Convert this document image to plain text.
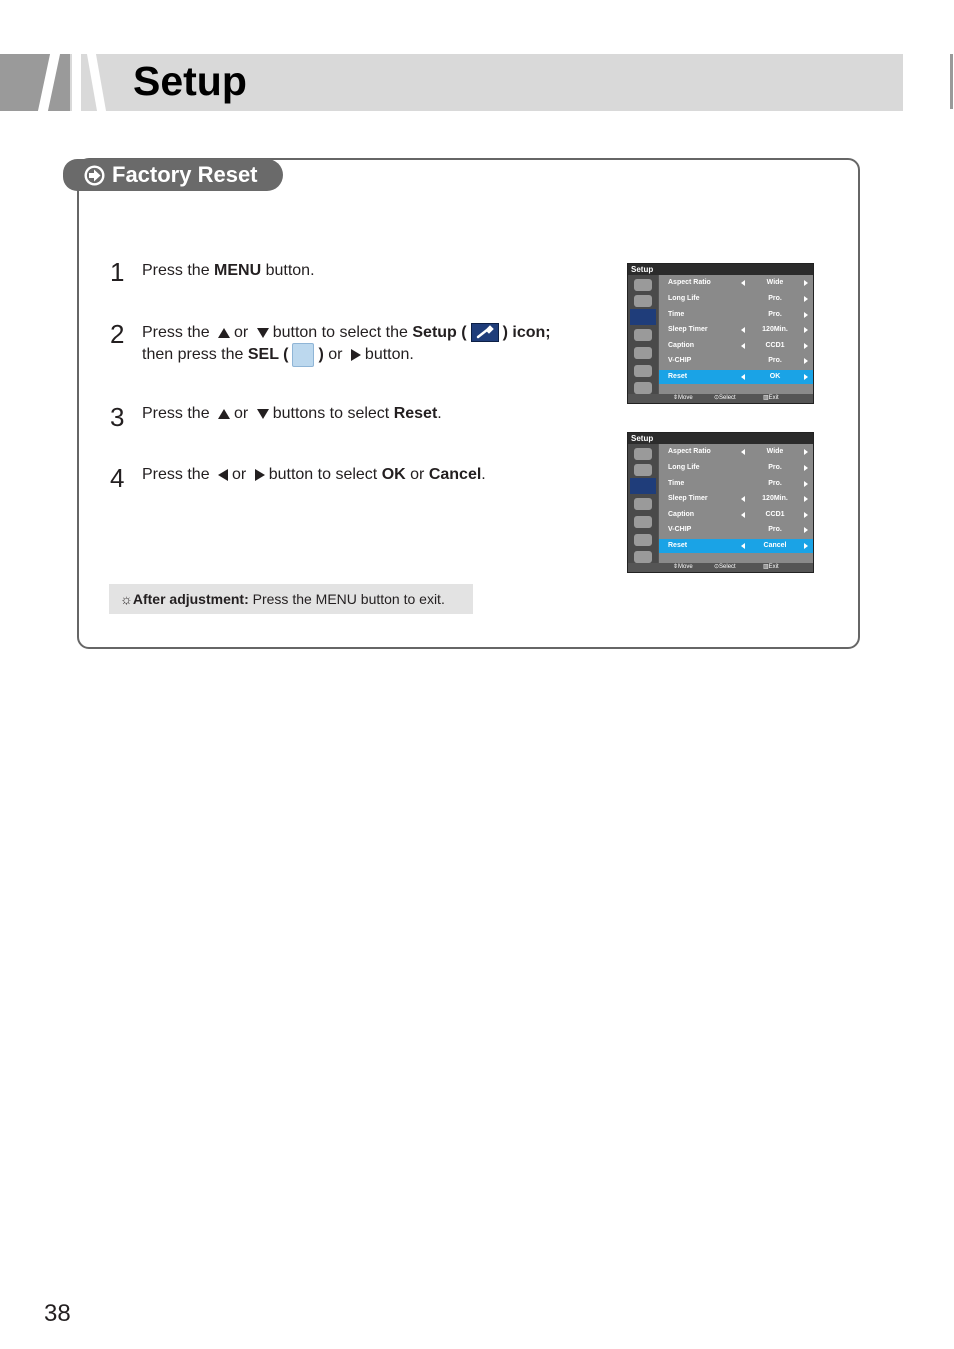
Setup
Factory Reset
1 Press the MENU button.
2 Press the or button to select the Setup ( ) icon;
then press the SEL ( ) or button.
3 Press the or buttons to select Reset.
4 Press the or button to select OK or Cancel.
☼After adjustment: Press the MENU button to exit.
Setup
Aspect Ratio	Wide
Long Life	Pro.
Time	Pro.
Sleep Timer	120Min.
Caption	CCD1
V-CHIP	Pro.
Reset	OK
⇕Move	⊙Select	▥Exit
Setup
Aspect Ratio	Wide
Long Life	Pro.
Time	Pro.
Sleep Timer	120Min.
Caption	CCD1
V-CHIP	Pro.
Reset	Cancel
⇕Move	⊙Select	▥Exit
38
